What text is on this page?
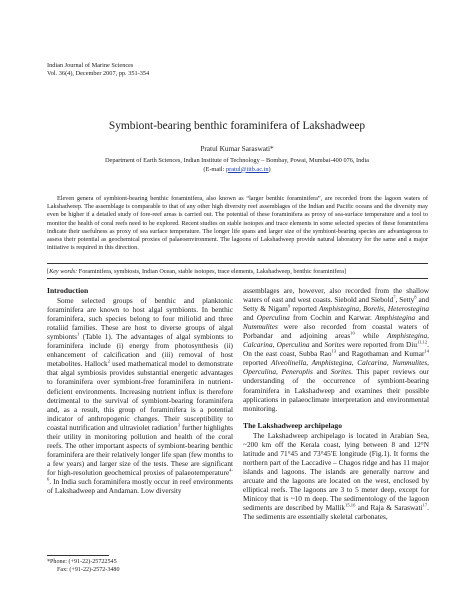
Indian Journal of Marine Sciences
Vol. 36(4), December 2007, pp. 351-354
Symbiont-bearing benthic foraminifera of Lakshadweep
Pratul Kumar Saraswati*
Department of Earth Sciences, Indian Institute of Technology – Bombay, Powai, Mumbai-400 076, India
(E-mail: pratul@iitb.ac.in)

Eleven genera of symbiont-bearing benthic foraminifera, also known as “larger benthic foraminifera”, are recorded from the lagoon waters of Lakshadweep. The assemblage is comparable to that of any other high diversity reef assemblages of the Indian and Pacific oceans and the diversity may even be higher if a detailed study of fore-reef areas is carried out. The potential of these foraminifera as proxy of sea-surface temperature and a tool to monitor the health of coral reefs need to be explored. Recent studies on stable isotopes and trace elements in some selected species of these foraminifera indicate their usefulness as proxy of sea surface temperature. The longer life spans and larger size of the symbiont-bearing species are advantageous to assess their potential as geochemical proxies of palaeoenvironment. The lagoons of Lakshadweep provide natural laboratory for the same and a major initiative is required in this direction.

[Key words: Foraminifera, symbiosis, Indian Ocean, stable isotopes, trace elements, Lakshadweep, benthic foraminifera]
Introduction

Some selected groups of benthic and planktonic foraminifera are known to host algal symbionts. In benthic foraminifera, such species belong to four miliolid and three rotaliid families. These are host to diverse groups of algal symbionts$^1$ (Table 1). The advantages of algal symbionts to foraminifera include (i) energy from photosynthesis (ii) enhancement of calcification and (iii) removal of host metabolites. Hallock$^2$ used mathematical model to demonstrate that algal symbiosis provides substantial energetic advantages to foraminifera over symbiont-free foraminifera in nutrient-deficient environments. Increasing nutrient influx is therefore detrimental to the survival of symbiont-bearing foraminifera and, as a result, this group of foraminifera is a potential indicator of anthropogenic changes. Their susceptibility to coastal nutrification and ultraviolet radiation$^3$ further highlights their utility in monitoring pollution and health of the coral reefs. The other important aspects of symbiont-bearing benthic foraminifera are their relatively longer life span (few months to a few years) and larger size of the tests. These are significant for high-resolution geochemical proxies of palaeotemperature$^{4-6}$. In India such foraminifera mostly occur in reef environments of Lakshadweep and Andaman. Low diversity

assemblages are, however, also recorded from the shallow waters of east and west coasts. Siebold and Siebold$^7$, Setty$^8$ and Setty & Nigam$^9$ reported Amphistegina, Borelis, Heterostegina and Operculina from Cochin and Karwar. Amphistegina and Nummulites were also recorded from coastal waters of Porbandar and adjoining areas$^{10}$ while Amphistegina, Calcarina, Operculina and Sorites were reported from Diu$^{11,12}$. On the east coast, Subba Rao$^{13}$ and Ragothaman and Kumar$^{14}$ reported Alveolinella, Amphistegina, Calcarina, Nummulites, Operculina, Peneroplis and Sorites. This paper reviews our understanding of the occurrence of symbiont-bearing foraminifera in Lakshadweep and examines their possible applications in palaeoclimate interpretation and environmental monitoring.

The Lakshadweep archipelago

The Lakshadweep archipelago is located in Arabian Sea, ~200 km off the Kerala coast, lying between 8 and 12°N latitude and 71°45 and 73°45′E longitude (Fig.1). It forms the northern part of the Laccadive – Chagos ridge and has 11 major islands and lagoons. The islands are generally narrow and arcuate and the lagoons are located on the west, enclosed by elliptical reefs. The lagoons are 3 to 5 meter deep, except for Minicoy that is ~10 m deep. The sedimentology of the lagoon sediments are described by Mallik$^{15,16}$ and Raja & Saraswati$^{17}$. The sediments are essentially skeletal carbonates,

*Phone: (+91-22)-25722545
Fax: (+91-22)-2572-3480
